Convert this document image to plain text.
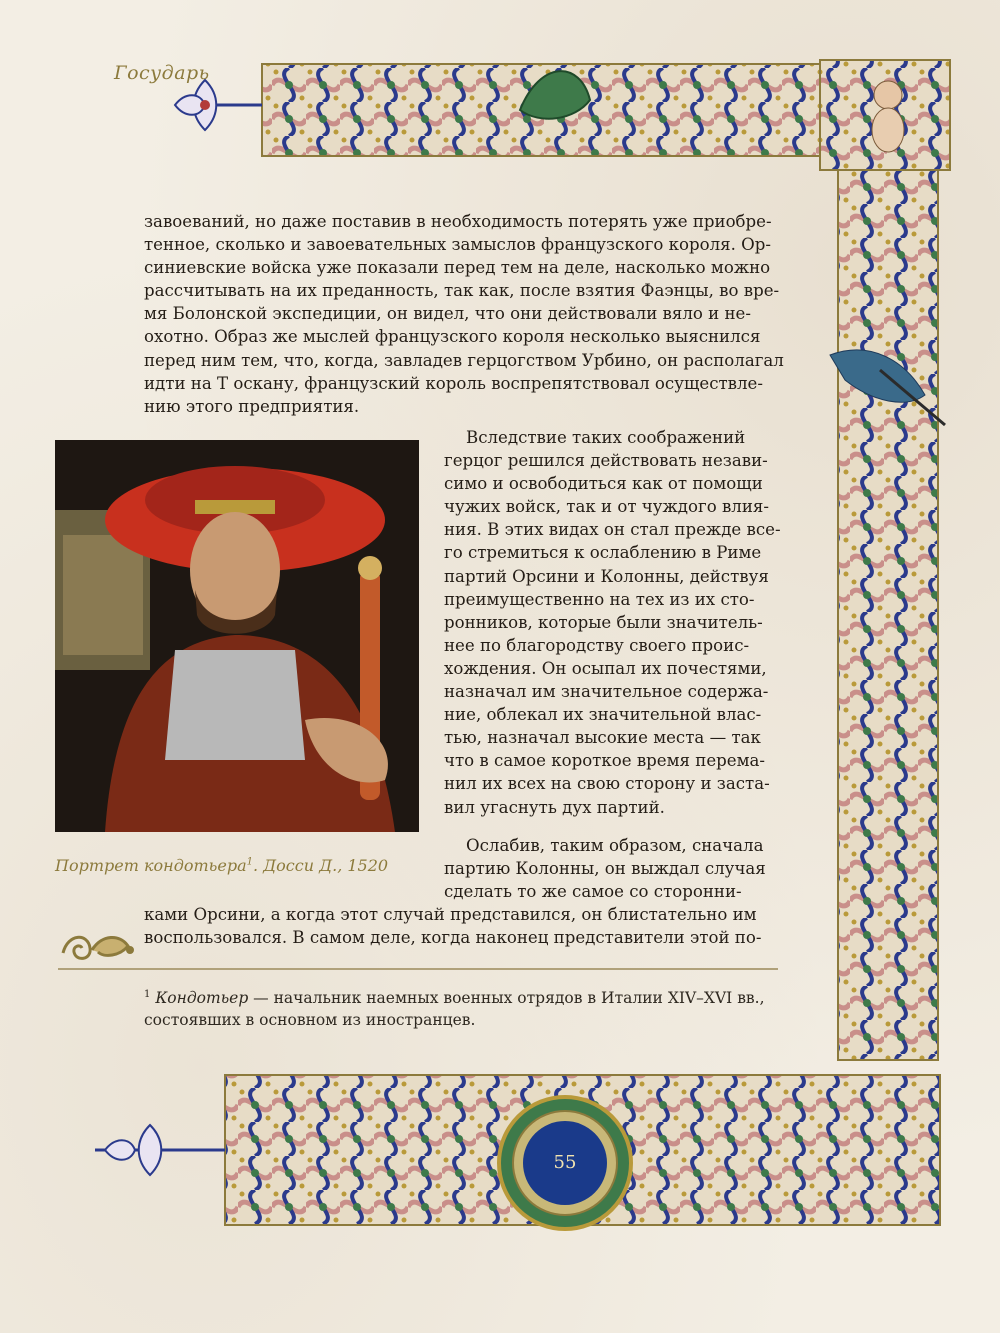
Государь
завоеваний, но даже поставив в необходимость потерять уже приобре-
тенное, сколько и завоевательных замыслов французского короля. Ор-
синиевские войска уже показали перед тем на деле, насколько можно
рассчитывать на их преданность, так как, после взятия Фаэнцы, во вре-
мя Болонской экспедиции, он видел, что они действовали вяло и не-
охотно. Образ же мыслей французского короля несколько выяснился
перед ним тем, что, когда, завладев герцогством Урбино, он располагал
идти на Т оскану, французский король воспрепятствовал осуществле-
нию этого предприятия.
Вследствие таких соображений
герцог решился действовать незави-
симо и освободиться как от помощи
чужих войск, так и от чуждого влия-
ния. В этих видах он стал прежде все-
го стремиться к ослаблению в Риме
партий Орсини и Колонны, действуя
преимущественно на тех из их сто-
ронников, которые были значитель-
нее по благородству своего проис-
хождения. Он осыпал их почестями,
назначал им значительное содержа-
ние, облекал их значительной влас-
тью, назначал высокие места — так
что в самое короткое время перема-
нил их всех на свою сторону и застa-
вил угаснуть дух партий.
Ослабив, таким образом, сначала
партию Колонны, он выждал случая
сделать то же самое со сторонни-
Портрет кондотьера$^1$. Досси Д., 1520
ками Орсини, а когда этот случай представился, он блистательно им
воспользовался. В самом деле, когда наконец представители этой по-
$^1$ Кондотьер — начальник наемных военных отрядов в Италии XIV–XVI вв.,
состоявших в основном из иностранцев.
55
